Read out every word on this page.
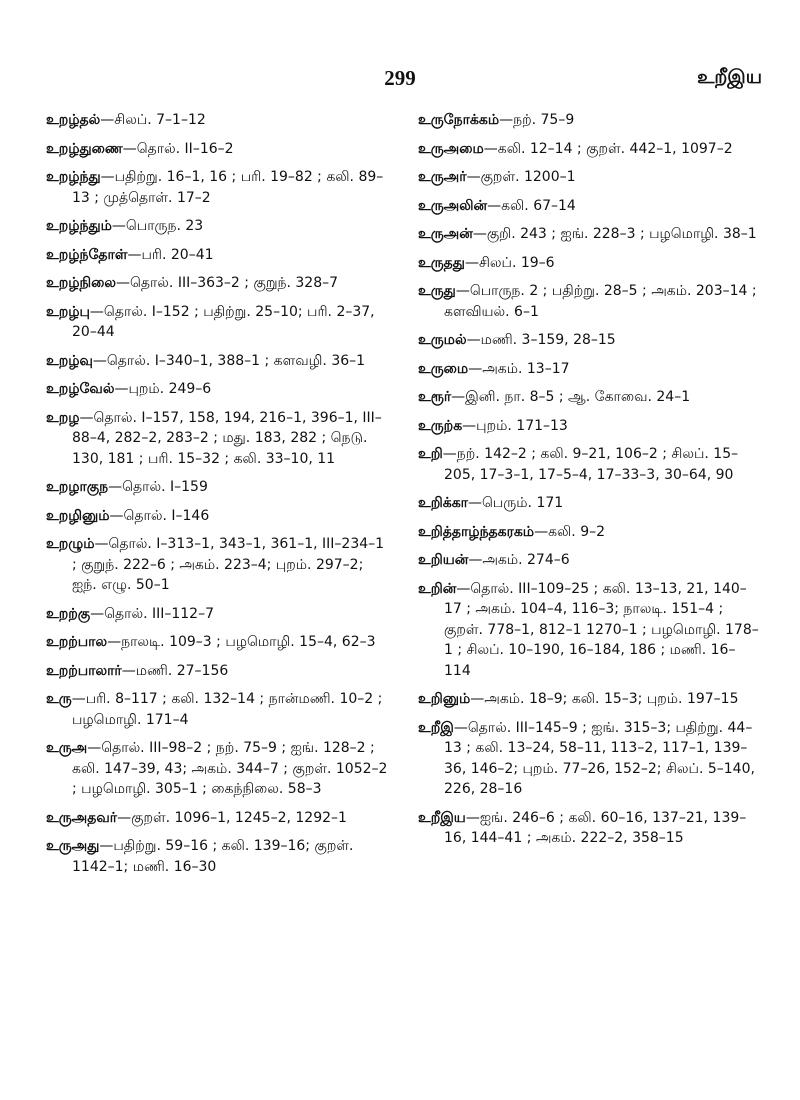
299	உறீஇய
உறழ்தல்—சிலப். 7–1–12
உறழ்துணை—தொல். II–16–2
உறழ்ந்து—பதிற்று. 16–1, 16 ; பரி. 19–82 ; கலி. 89–13 ; முத்தொள். 17–2
உறழ்ந்தும்—பொருந. 23
உறழ்ந்தோள்—பரி. 20–41
உறழ்நிலை—தொல். III–363–2 ; குறுந். 328–7
உறழ்பு—தொல். I–152 ; பதிற்று. 25–10; பரி. 2–37, 20–44
உறழ்வு—தொல். I–340–1, 388–1 ; களவழி. 36–1
உறழ்வேல்—புறம். 249–6
உறழ—தொல். I–157, 158, 194, 216–1, 396–1, III–88–4, 282–2, 283–2 ; மது. 183, 282 ; நெடு. 130, 181 ; பரி. 15–32 ; கலி. 33–10, 11
உறழாகுந—தொல். I–159
உறழினும்—தொல். I–146
உறழும்—தொல். I–313–1, 343–1, 361–1, III–234–1 ; குறுந். 222–6 ; அகம். 223–4; புறம். 297–2; ஐந். எழு. 50–1
உறற்கு—தொல். III–112–7
உறற்பால—நாலடி. 109–3 ; பழமொழி. 15–4, 62–3
உறற்பாலார்—மணி. 27–156
உரு—பரி. 8–117 ; கலி. 132–14 ; நான்மணி. 10–2 ; பழமொழி. 171–4
உருஅ—தொல். III–98–2 ; நற். 75–9 ; ஐங். 128–2 ; கலி. 147–39, 43; அகம். 344–7 ; குறள். 1052–2 ; பழமொழி. 305–1 ; கைந்நிலை. 58–3
உருஅதவர்—குறள். 1096–1, 1245–2, 1292–1
உருஅது—பதிற்று. 59–16 ; கலி. 139–16; குறள். 1142–1; மணி. 16–30
உருநோக்கம்—நற். 75–9
உருஅமை—கலி. 12–14 ; குறள். 442–1, 1097–2
உருஅர்—குறள். 1200–1
உருஅலின்—கலி. 67–14
உருஅன்—குறி. 243 ; ஐங். 228–3 ; பழமொழி. 38–1
உருதது—சிலப். 19–6
உருது—பொருந. 2 ; பதிற்று. 28–5 ; அகம். 203–14 ; களவியல். 6–1
உருமல்—மணி. 3–159, 28–15
உருமை—அகம். 13–17
உரூர்—இனி. நா. 8–5 ; ஆ. கோவை. 24–1
உருற்க—புறம். 171–13
உறி—நற். 142–2 ; கலி. 9–21, 106–2 ; சிலப். 15–205, 17–3–1, 17–5–4, 17–33–3, 30–64, 90
உறிக்கா—பெரும். 171
உறித்தாழ்ந்தகரகம்—கலி. 9–2
உறியன்—அகம். 274–6
உறின்—தொல். III–109–25 ; கலி. 13–13, 21, 140–17 ; அகம். 104–4, 116–3; நாலடி. 151–4 ; குறள். 778–1, 812–1 1270–1 ; பழமொழி. 178–1 ; சிலப். 10–190, 16–184, 186 ; மணி. 16–114
உறினும்—அகம். 18–9; கலி. 15–3; புறம். 197–15
உறீஇ—தொல். III–145–9 ; ஐங். 315–3; பதிற்று. 44–13 ; கலி. 13–24, 58–11, 113–2, 117–1, 139–36, 146–2; புறம். 77–26, 152–2; சிலப். 5–140, 226, 28–16
உறீஇய—ஐங். 246–6 ; கலி. 60–16, 137–21, 139–16, 144–41 ; அகம். 222–2, 358–15
